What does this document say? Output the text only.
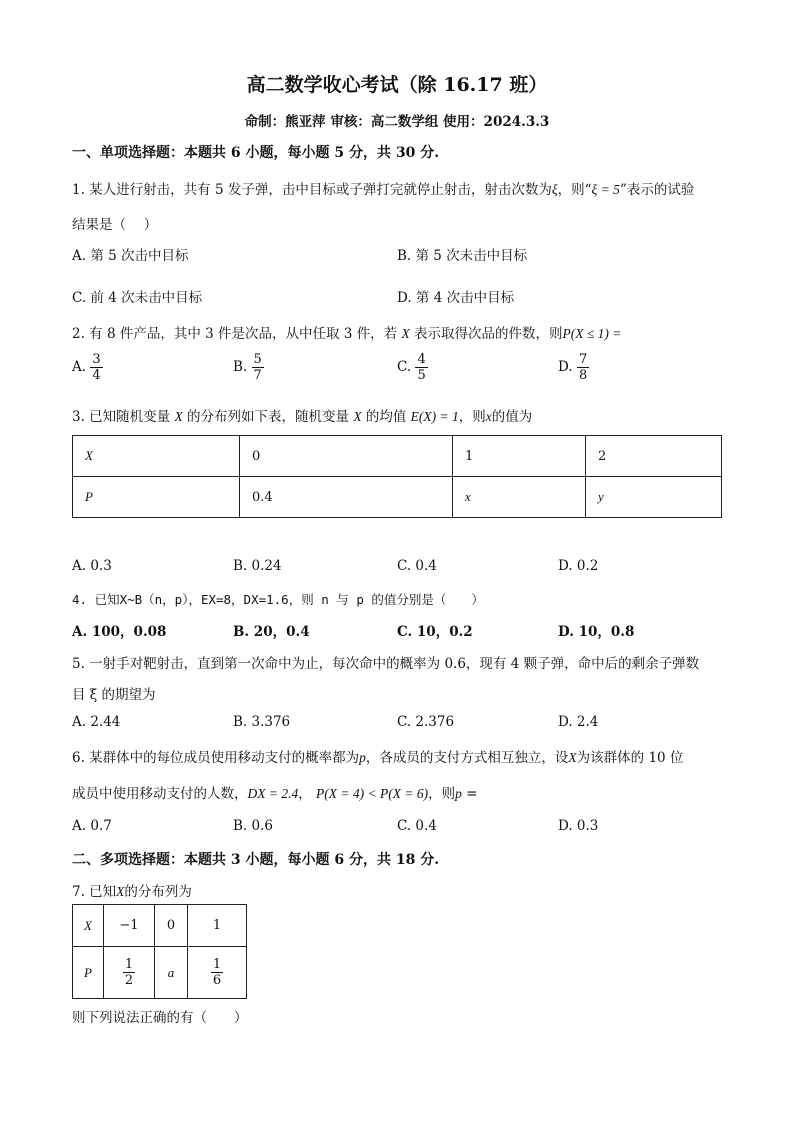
高二数学收心考试（除 16.17 班）
命制：熊亚萍 审核：高二数学组 使用：2024.3.3
一、单项选择题：本题共 6 小题，每小题 5 分，共 30 分.
1. 某人进行射击，共有 5 发子弹，击中目标或子弹打完就停止射击，射击次数为ξ，则“ξ = 5”表示的试验
结果是（　 ）
A. 第 5 次击中目标	B. 第 5 次未击中目标
C. 前 4 次未击中目标	D. 第 4 次击中目标
2. 有 8 件产品，其中 3 件是次品，从中任取 3 件，若 X 表示取得次品的件数，则P(X ≤ 1) =
A. $\frac{3}{4}$	B. $\frac{5}{7}$	C. $\frac{4}{5}$	D. $\frac{7}{8}$
3. 已知随机变量 X 的分布列如下表，随机变量 X 的均值 E(X) = 1，则x的值为
X	0	1	2
P	0.4	x	y
A. 0.3	B. 0.24	C. 0.4	D. 0.2
4. 已知X~B（n，p），EX=8，DX=1.6，则 n 与 p 的值分别是（　　）
A. 100，0.08	B. 20，0.4	C. 10，0.2	D. 10，0.8
5. 一射手对靶射击，直到第一次命中为止，每次命中的概率为 0.6，现有 4 颗子弹，命中后的剩余子弹数
目 ξ 的期望为
A. 2.44	B. 3.376	C. 2.376	D. 2.4
6. 某群体中的每位成员使用移动支付的概率都为p，各成员的支付方式相互独立，设X为该群体的 10 位
成员中使用移动支付的人数，DX = 2.4， P(X = 4) < P(X = 6)，则p =
A. 0.7	B. 0.6	C. 0.4	D. 0.3
二、多项选择题：本题共 3 小题，每小题 6 分，共 18 分.
7. 已知X的分布列为
X	−1	0	1
P	$\frac{1}{2}$	a	$\frac{1}{6}$
则下列说法正确的有（　　）
